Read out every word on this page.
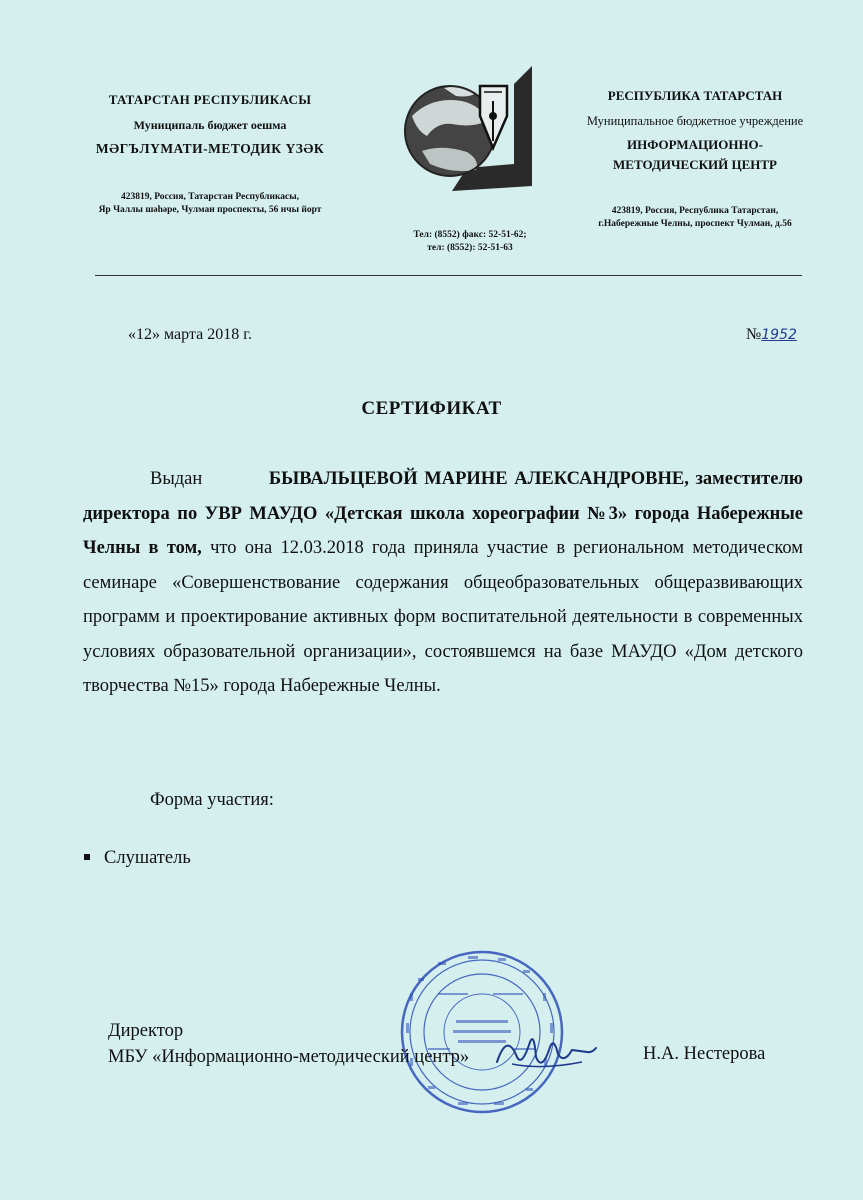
ТАТАРСТАН РЕСПУБЛИКАСЫ
Муниципаль бюджет оешма
МӘГЪЛҮМАТИ-МЕТОДИК ҮЗӘК
423819, Россия, Татарстан Республикасы,
Яр Чаллы шәһәре, Чулман проспекты, 56 нчы йорт
РЕСПУБЛИКА ТАТАРСТАН
Муниципальное бюджетное учреждение
ИНФОРМАЦИОННО-
МЕТОДИЧЕСКИЙ ЦЕНТР
423819, Россия, Республика Татарстан,
г.Набережные Челны, проспект Чулман, д.56
Тел: (8552) факс: 52-51-62;
тел: (8552): 52-51-63
«12» марта 2018 г.	№1952
СЕРТИФИКАТ
Выдан	БЫВАЛЬЦЕВОЙ МАРИНЕ АЛЕКСАНДРОВНЕ, заместителю директора по УВР МАУДО «Детская школа хореографии №3» города Набережные Челны в том, что она 12.03.2018 года приняла участие в региональном методическом семинаре «Совершенствование содержания общеобразовательных общеразвивающих программ и проектирование активных форм воспитательной деятельности в современных условиях образовательной организации», состоявшемся на базе МАУДО «Дом детского творчества №15» города Набережные Челны.
Форма участия:
Слушатель
Директор
МБУ «Информационно-методический центр»	Н.А. Нестерова
